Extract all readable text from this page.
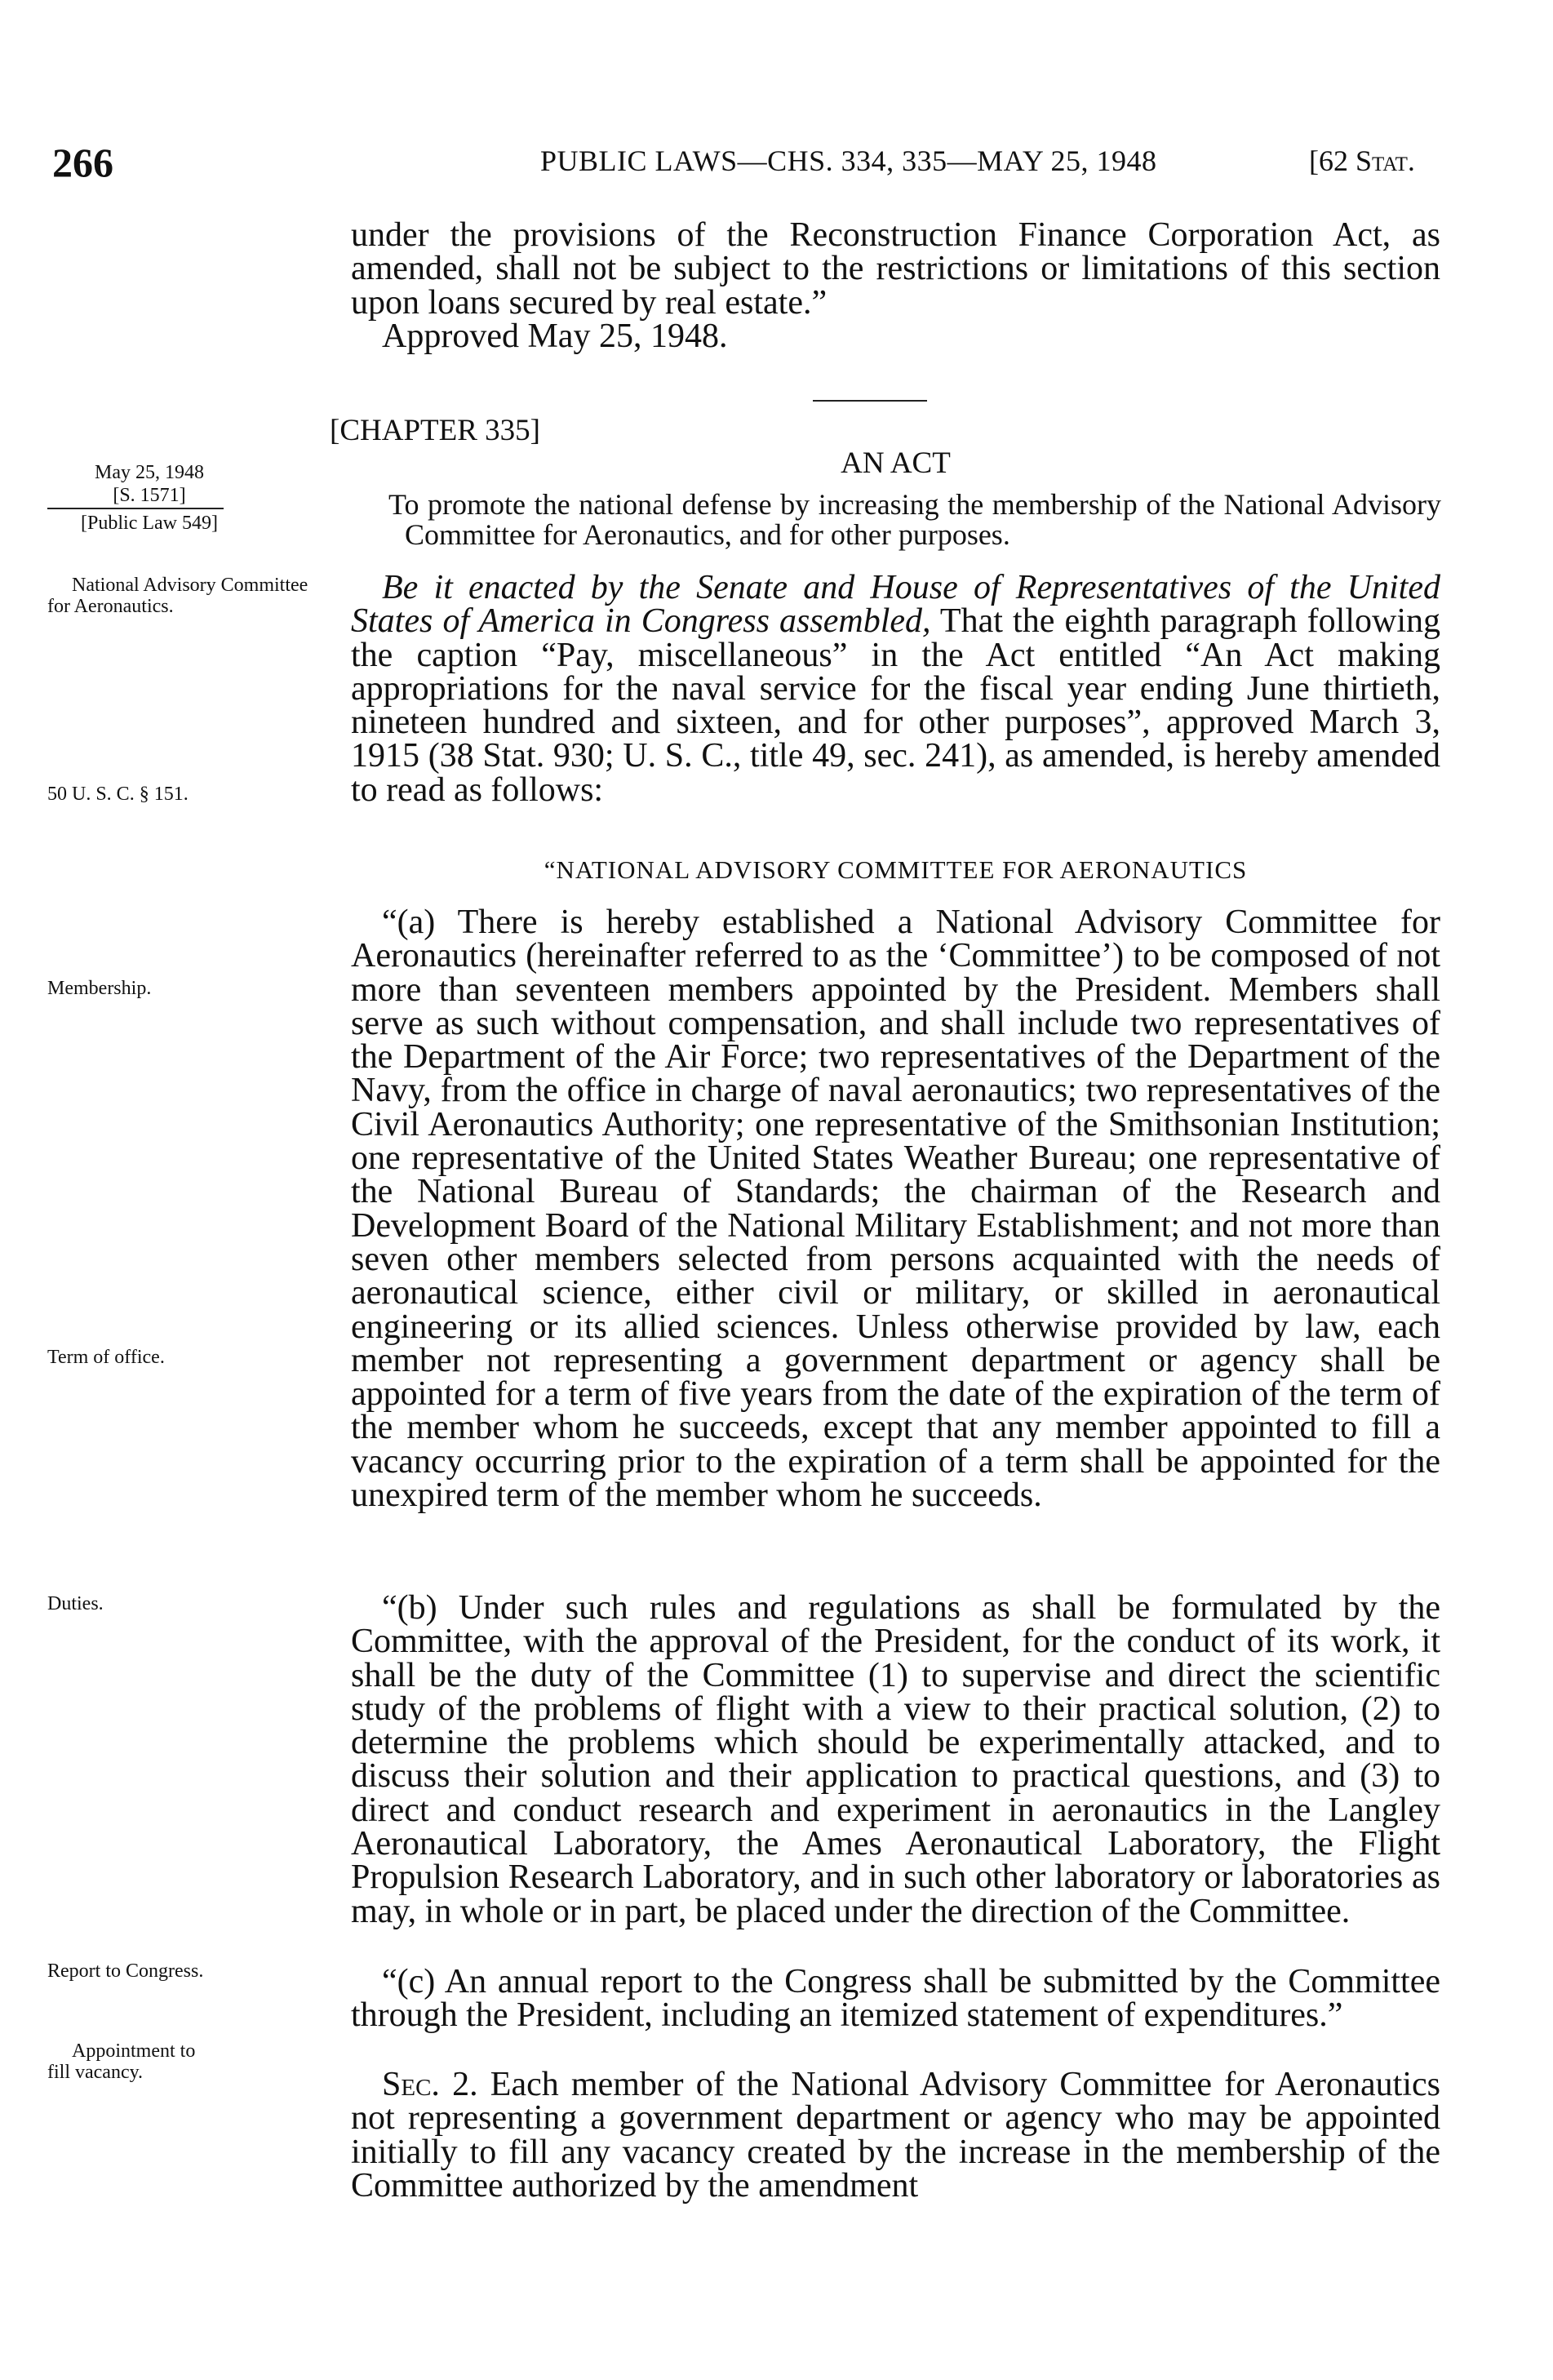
266	PUBLIC LAWS—CHS. 334, 335—MAY 25, 1948	[62 Stat.

under the provisions of the Reconstruction Finance Corporation Act, as amended, shall not be subject to the restrictions or limitations of this section upon loans secured by real estate.”

Approved May 25, 1948.

[CHAPTER 335]
AN ACT
To promote the national defense by increasing the membership of the National Advisory Committee for Aeronautics, and for other purposes.
May 25, 1948
[S. 1571]
[Public Law 549]
National Advisory Committee for Aeronautics.
50 U. S. C. § 151.
Membership.
Term of office.
Duties.
Report to Congress.
Appointment to fill vacancy.

Be it enacted by the Senate and House of Representatives of the United States of America in Congress assembled, That the eighth paragraph following the caption “Pay, miscellaneous” in the Act entitled “An Act making appropriations for the naval service for the fiscal year ending June thirtieth, nineteen hundred and sixteen, and for other purposes”, approved March 3, 1915 (38 Stat. 930; U. S. C., title 49, sec. 241), as amended, is hereby amended to read as follows:

“NATIONAL ADVISORY COMMITTEE FOR AERONAUTICS

“(a) There is hereby established a National Advisory Committee for Aeronautics (hereinafter referred to as the ‘Committee’) to be composed of not more than seventeen members appointed by the President. Members shall serve as such without compensation, and shall include two representatives of the Department of the Air Force; two representatives of the Department of the Navy, from the office in charge of naval aeronautics; two representatives of the Civil Aeronautics Authority; one representative of the Smithsonian Institution; one representative of the United States Weather Bureau; one representative of the National Bureau of Standards; the chairman of the Research and Development Board of the National Military Establishment; and not more than seven other members selected from persons acquainted with the needs of aeronautical science, either civil or military, or skilled in aeronautical engineering or its allied sciences. Unless otherwise provided by law, each member not representing a government department or agency shall be appointed for a term of five years from the date of the expiration of the term of the member whom he succeeds, except that any member appointed to fill a vacancy occurring prior to the expiration of a term shall be appointed for the unexpired term of the member whom he succeeds.

“(b) Under such rules and regulations as shall be formulated by the Committee, with the approval of the President, for the conduct of its work, it shall be the duty of the Committee (1) to supervise and direct the scientific study of the problems of flight with a view to their practical solution, (2) to determine the problems which should be experimentally attacked, and to discuss their solution and their application to practical questions, and (3) to direct and conduct research and experiment in aeronautics in the Langley Aeronautical Laboratory, the Ames Aeronautical Laboratory, the Flight Propulsion Research Laboratory, and in such other laboratory or laboratories as may, in whole or in part, be placed under the direction of the Committee.

“(c) An annual report to the Congress shall be submitted by the Committee through the President, including an itemized statement of expenditures.”

Sec. 2. Each member of the National Advisory Committee for Aeronautics not representing a government department or agency who may be appointed initially to fill any vacancy created by the increase in the membership of the Committee authorized by the amendment
